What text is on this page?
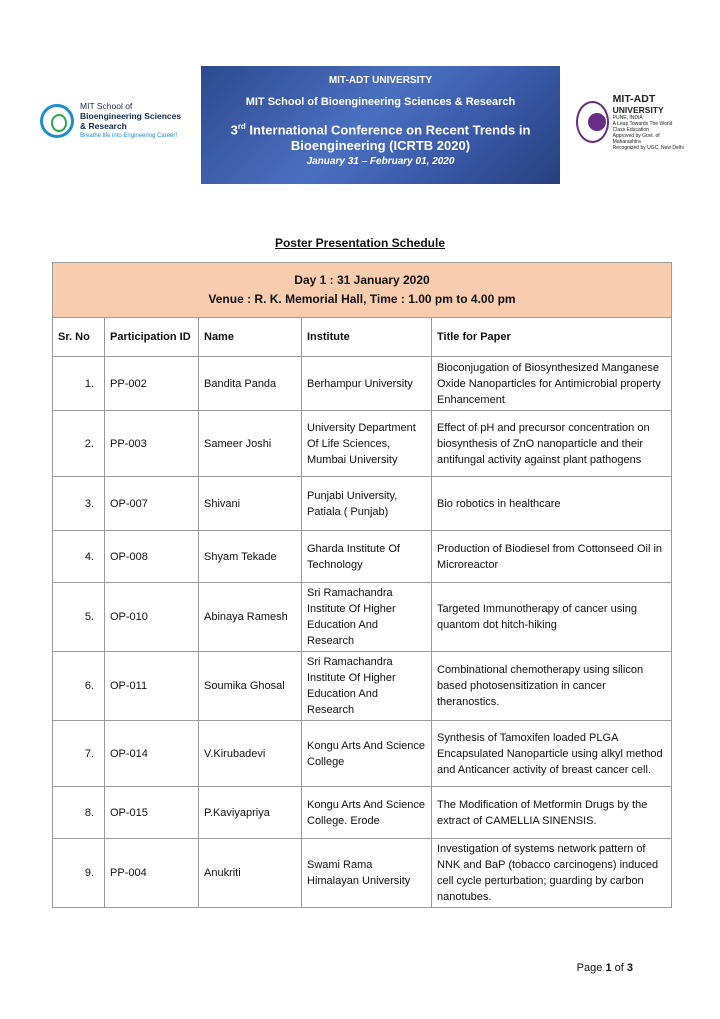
MIT School of
Bioengineering Sciences
& Research
Breathe life into Engineering Career!
MIT-ADT UNIVERSITY
MIT School of Bioengineering Sciences & Research
3rd International Conference on Recent Trends in
Bioengineering (ICRTB 2020)
January 31 – February 01, 2020
MIT-ADT
UNIVERSITY
PUNE, INDIA
A Leap Towards The World Class Education
Approved by Govt. of Maharashtra
Recognized by UGC, New Delhi
Poster Presentation Schedule
Day 1 : 31 January 2020
Venue : R. K. Memorial Hall, Time : 1.00 pm to 4.00 pm				

Sr. No	Participation ID	Name	Institute	Title for Paper
1.	PP-002	Bandita Panda	Berhampur University	Bioconjugation of Biosynthesized Manganese Oxide Nanoparticles for Antimicrobial property Enhancement
2.	PP-003	Sameer Joshi	University Department Of Life Sciences, Mumbai University	Effect of pH and precursor concentration on biosynthesis of ZnO nanoparticle and their antifungal activity against plant pathogens
3.	OP-007	Shivani	Punjabi University, Patiala ( Punjab)	Bio robotics in healthcare
4.	OP-008	Shyam Tekade	Gharda Institute Of Technology	Production of Biodiesel from Cottonseed Oil in Microreactor
5.	OP-010	Abinaya Ramesh	Sri Ramachandra Institute Of Higher Education And Research	Targeted Immunotherapy of cancer using quantom dot hitch-hiking
6.	OP-011	Soumika Ghosal	Sri Ramachandra Institute Of Higher Education And Research	Combinational chemotherapy using silicon based photosensitization in cancer theranostics.
7.	OP-014	V.Kirubadevi	Kongu Arts And Science College	Synthesis of Tamoxifen loaded PLGA Encapsulated Nanoparticle using alkyl method and Anticancer activity of breast cancer cell.
8.	OP-015	P.Kaviyapriya	Kongu Arts And Science College. Erode	The Modification of Metformin Drugs by the extract of CAMELLIA SINENSIS.
9.	PP-004	Anukriti	Swami Rama Himalayan University	Investigation of systems network pattern of NNK and BaP (tobacco carcinogens) induced cell cycle perturbation; guarding by carbon nanotubes.
Page 1 of 3
